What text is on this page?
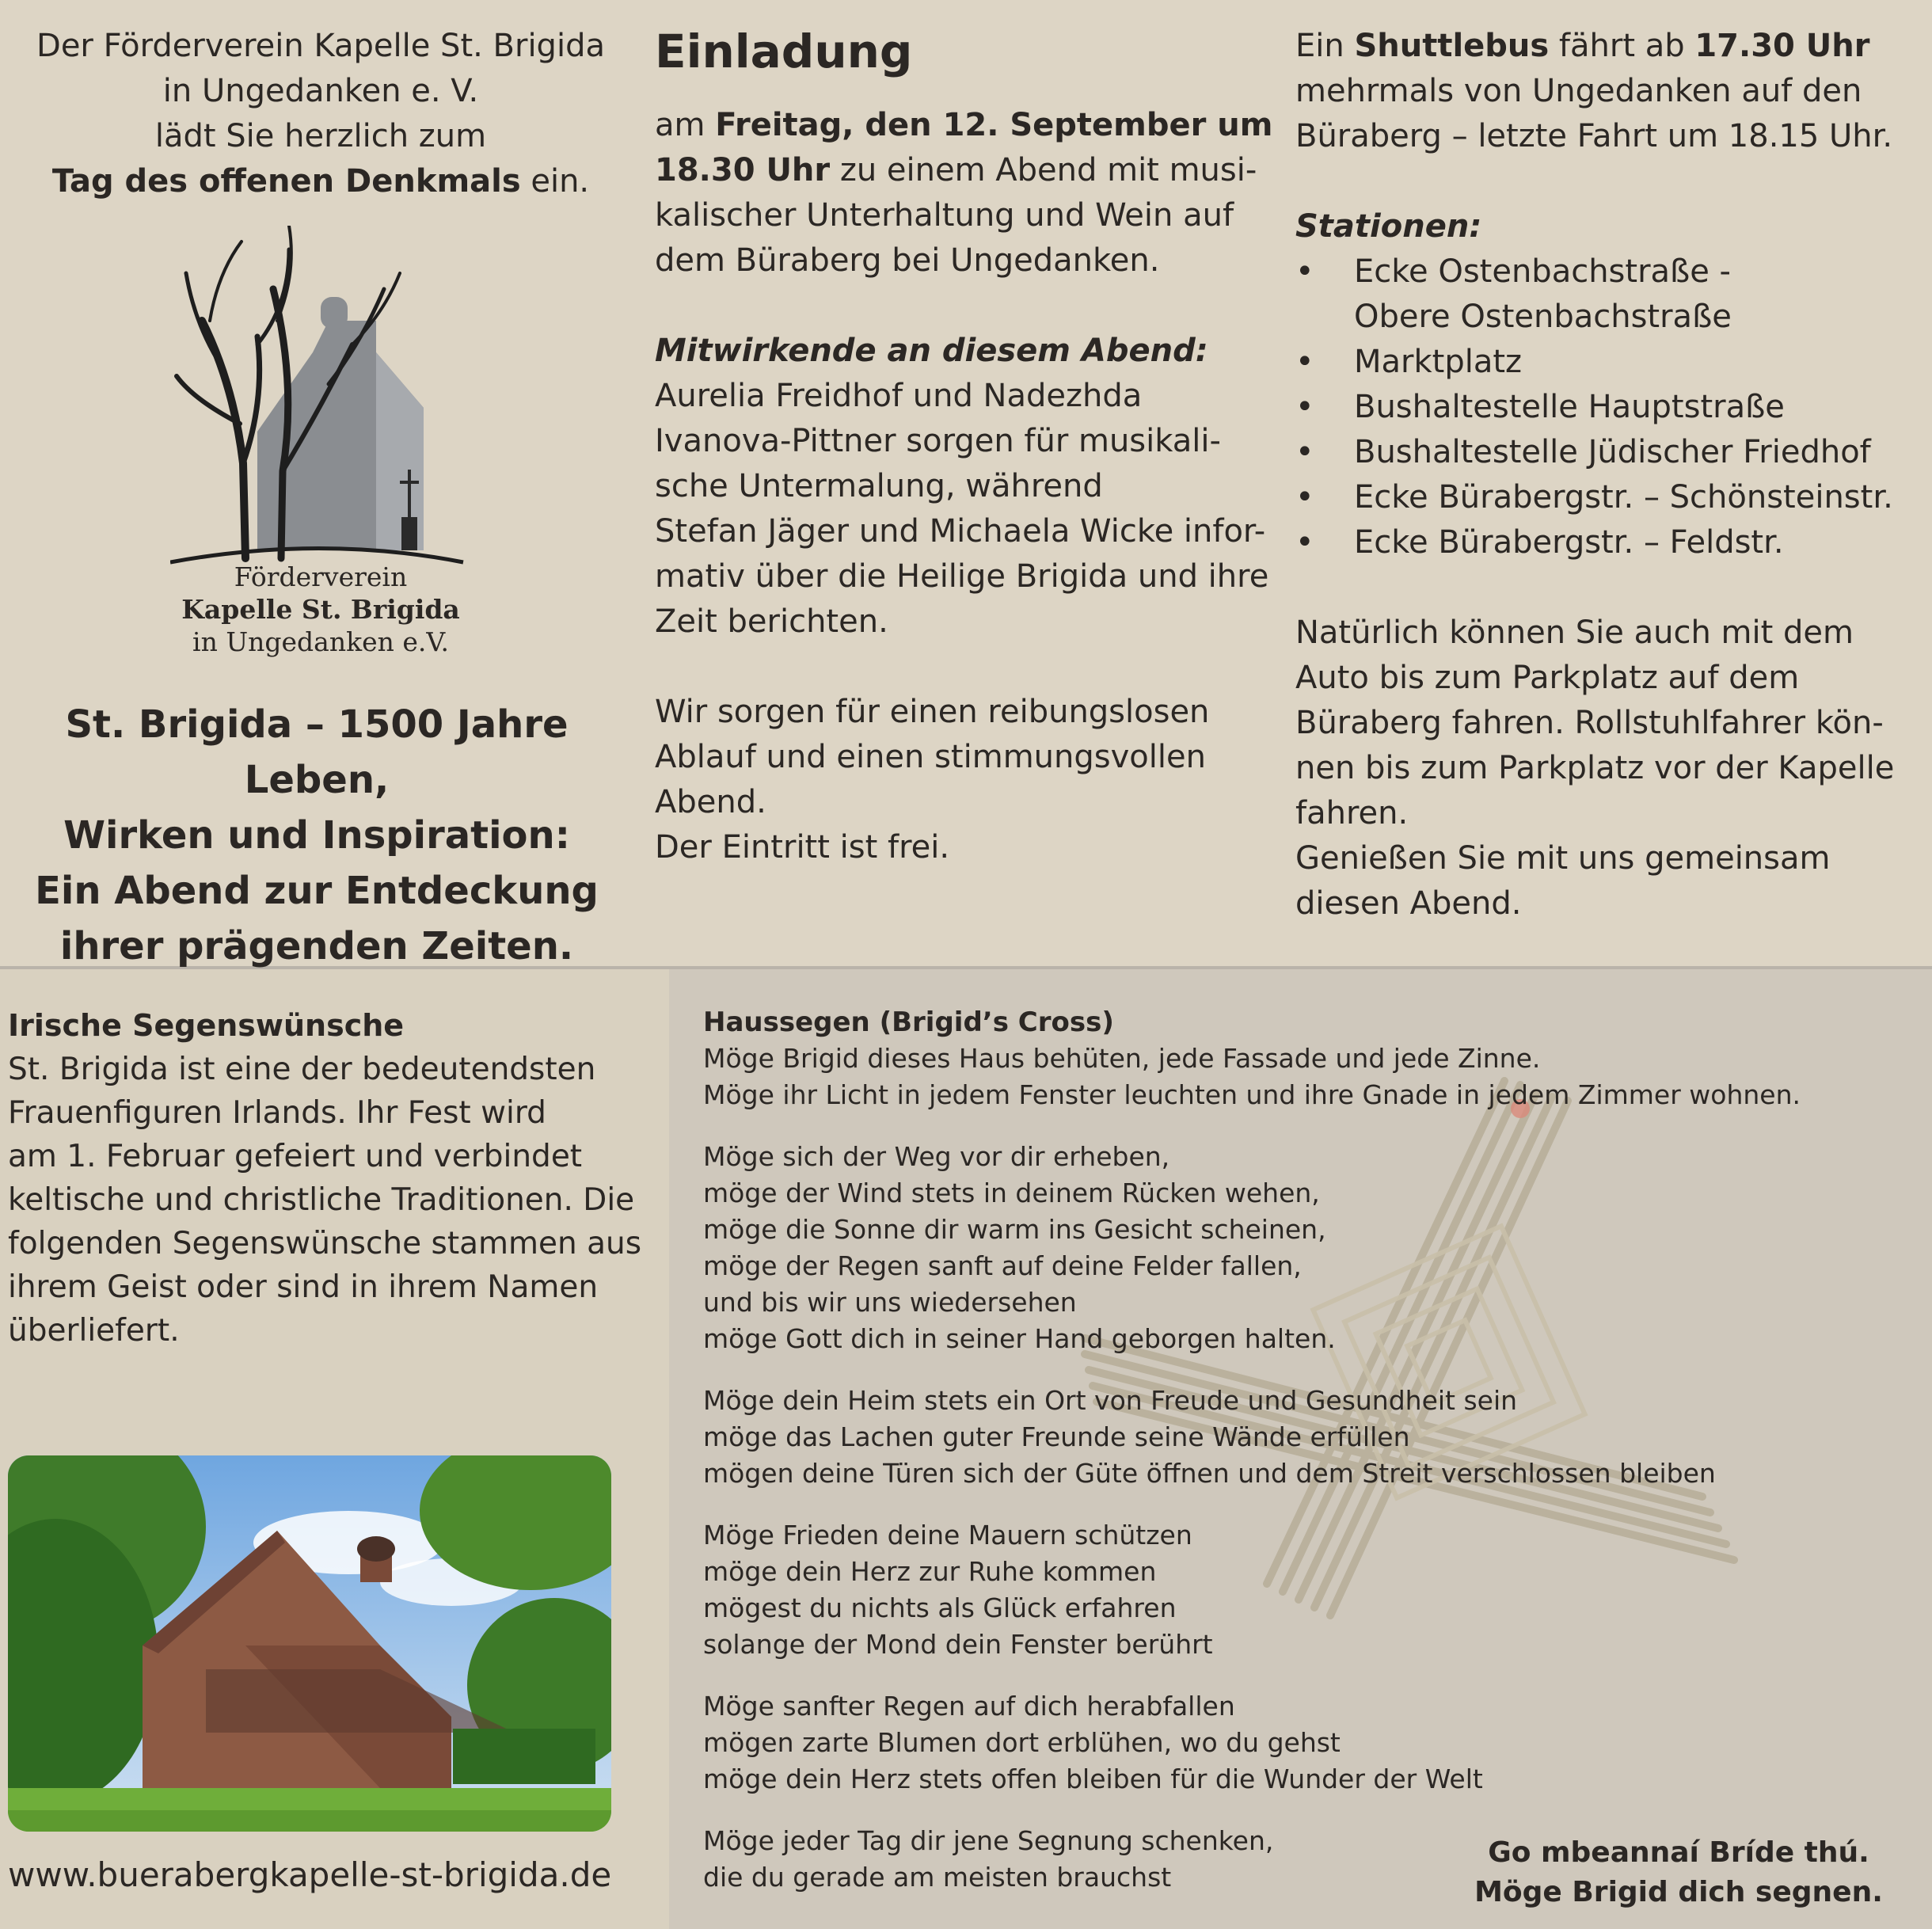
Der Förderverein Kapelle St. Brigida

in Ungedanken e. V.

lädt Sie herzlich zum

Tag des offenen Denkmals ein.

Förderverein
Kapelle St. Brigida
in Ungedanken e.V.
St. Brigida – 1500 Jahre Leben,
Wirken und Inspiration:
Ein Abend zur Entdeckung
ihrer prägenden Zeiten.
Einladung

am Freitag, den 12. September um

18.30 Uhr zu einem Abend mit musi-

kalischer Unterhaltung und Wein auf

dem Büraberg bei Ungedanken.

Mitwirkende an diesem Abend:

Aurelia Freidhof und Nadezhda

Ivanova-Pittner sorgen für musikali-

sche Untermalung, während

Stefan Jäger und Michaela Wicke infor-

mativ über die Heilige Brigida und ihre

Zeit berichten.

Wir sorgen für einen reibungslosen

Ablauf und einen stimmungsvollen

Abend.

Der Eintritt ist frei.

Ein Shuttlebus fährt ab 17.30 Uhr

mehrmals von Ungedanken auf den

Büraberg – letzte Fahrt um 18.15 Uhr.

Stationen:

• Ecke Ostenbachstraße -
Obere Ostenbachstraße
• Marktplatz
• Bushaltestelle Hauptstraße
• Bushaltestelle Jüdischer Friedhof
• Ecke Bürabergstr. – Schönsteinstr.
• Ecke Bürabergstr. – Feldstr.

Natürlich können Sie auch mit dem

Auto bis zum Parkplatz auf dem

Büraberg fahren. Rollstuhlfahrer kön-

nen bis zum Parkplatz vor der Kapelle

fahren.

Genießen Sie mit uns gemeinsam

diesen Abend.

Irische Segenswünsche
St. Brigida ist eine der bedeutendsten
Frauenfiguren Irlands. Ihr Fest wird
am 1. Februar gefeiert und verbindet
keltische und christliche Traditionen. Die
folgenden Segenswünsche stammen aus
ihrem Geist oder sind in ihrem Namen
überliefert.
www.buerabergkapelle-st-brigida.de
Haussegen (Brigid’s Cross)

Möge Brigid dieses Haus behüten, jede Fassade und jede Zinne.
Möge ihr Licht in jedem Fenster leuchten und ihre Gnade in jedem Zimmer wohnen.

Möge sich der Weg vor dir erheben,
möge der Wind stets in deinem Rücken wehen,
möge die Sonne dir warm ins Gesicht scheinen,
möge der Regen sanft auf deine Felder fallen,
und bis wir uns wiedersehen
möge Gott dich in seiner Hand geborgen halten.

Möge dein Heim stets ein Ort von Freude und Gesundheit sein
möge das Lachen guter Freunde seine Wände erfüllen
mögen deine Türen sich der Güte öffnen und dem Streit verschlossen bleiben

Möge Frieden deine Mauern schützen
möge dein Herz zur Ruhe kommen
mögest du nichts als Glück erfahren
solange der Mond dein Fenster berührt

Möge sanfter Regen auf dich herabfallen
mögen zarte Blumen dort erblühen, wo du gehst
möge dein Herz stets offen bleiben für die Wunder der Welt

Möge jeder Tag dir jene Segnung schenken,
die du gerade am meisten brauchst

Go mbeannaí Bríde thú.
Möge Brigid dich segnen.
